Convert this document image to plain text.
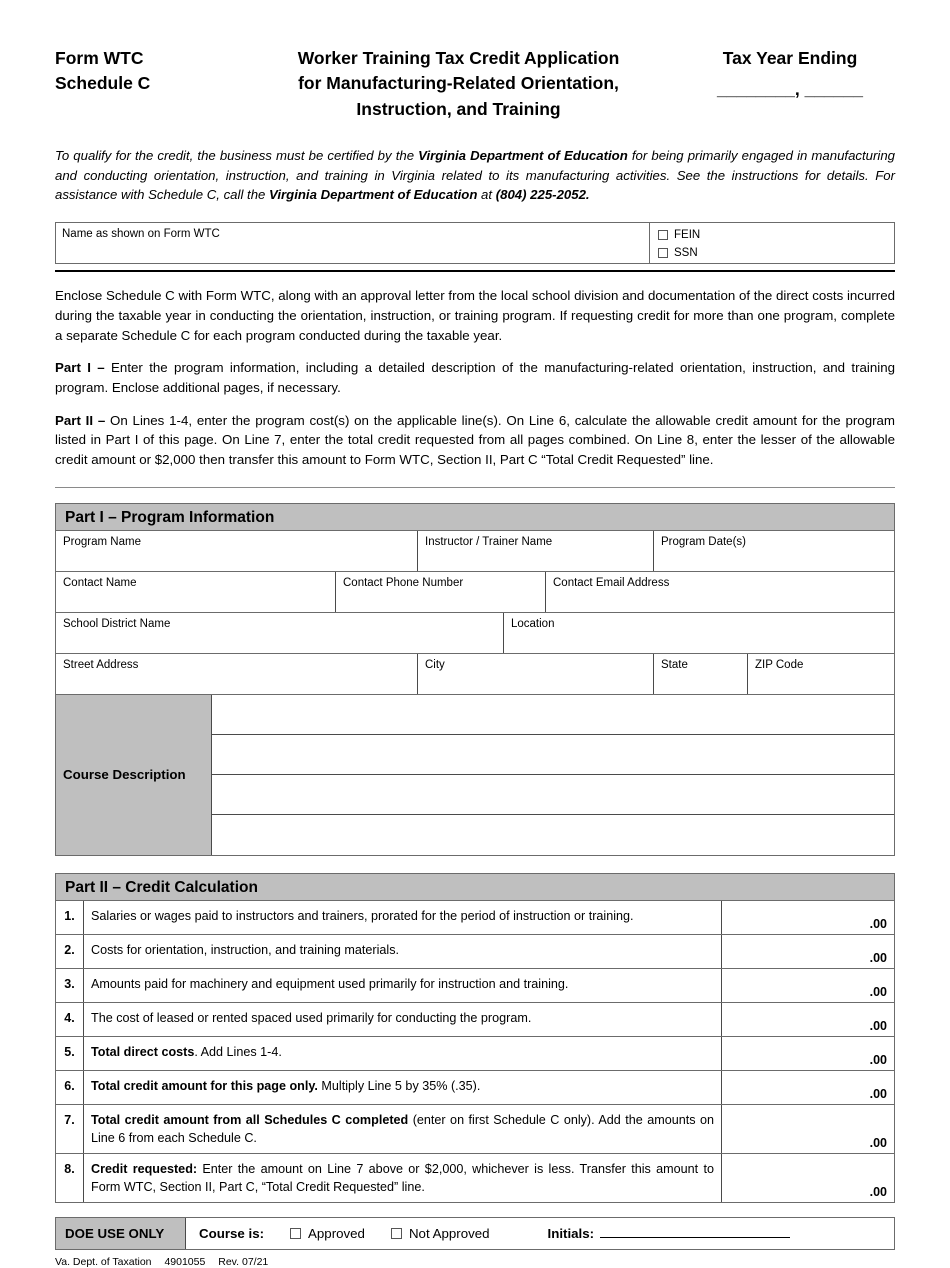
Form WTC
Schedule C
Worker Training Tax Credit Application
for Manufacturing-Related Orientation,
Instruction, and Training
Tax Year Ending
________, ______
To qualify for the credit, the business must be certified by the Virginia Department of Education for being primarily engaged in manufacturing and conducting orientation, instruction, and training in Virginia related to its manufacturing activities. See the instructions for details. For assistance with Schedule C, call the Virginia Department of Education at (804) 225-2052.
Name as shown on Form WTC	FEIN
SSN
Enclose Schedule C with Form WTC, along with an approval letter from the local school division and documentation of the direct costs incurred during the taxable year in conducting the orientation, instruction, or training program. If requesting credit for more than one program, complete a separate Schedule C for each program conducted during the taxable year.
Part I – Enter the program information, including a detailed description of the manufacturing-related orientation, instruction, and training program. Enclose additional pages, if necessary.
Part II – On Lines 1-4, enter the program cost(s) on the applicable line(s). On Line 6, calculate the allowable credit amount for the program listed in Part I of this page. On Line 7, enter the total credit requested from all pages combined. On Line 8, enter the lesser of the allowable credit amount or $2,000 then transfer this amount to Form WTC, Section II, Part C “Total Credit Requested” line.
Part I – Program Information
Program Name	Instructor / Trainer Name	Program Date(s)
Contact Name	Contact Phone Number	Contact Email Address
School District Name	Location
Street Address	City	State	ZIP Code
Course Description
Part II – Credit Calculation
1.	Salaries or wages paid to instructors and trainers, prorated for the period of instruction or training.
.00
2.	Costs for orientation, instruction, and training materials.
.00
3.	Amounts paid for machinery and equipment used primarily for instruction and training.
.00
4.	The cost of leased or rented spaced used primarily for conducting the program.
.00
5.	Total direct costs. Add Lines 1-4.
.00
6.	Total credit amount for this page only. Multiply Line 5 by 35% (.35).
.00
7.	Total credit amount from all Schedules C completed (enter on first Schedule C only). Add the amounts on Line 6 from each Schedule C.	.00
8.	Credit requested: Enter the amount on Line 7 above or $2,000, whichever is less. Transfer this amount to Form WTC, Section II, Part C, “Total Credit Requested” line.	.00
DOE USE ONLY	Course is:	Approved	Not Approved	Initials:
Va. Dept. of Taxation 4901055 Rev. 07/21
